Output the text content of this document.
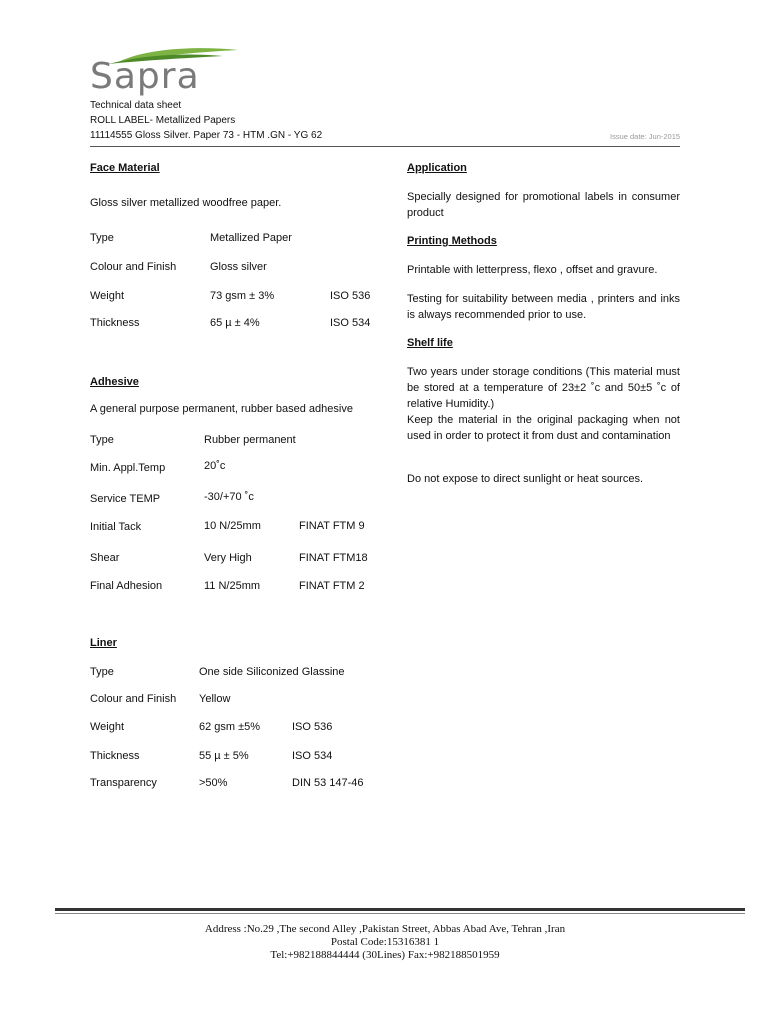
Sapra
Technical data sheet
ROLL LABEL- Metallized Papers
11114555 Gloss Silver. Paper 73 - HTM .GN - YG 62	Issue date: Jun-2015
Face Material
Gloss silver metallized woodfree paper.
Type	Metallized Paper
Colour and Finish	Gloss silver
Weight	73 gsm ± 3%	ISO 536
Thickness	65 µ ± 4%	ISO 534
Adhesive
A general purpose permanent, rubber based adhesive
Type	Rubber permanent
Min. Appl.Temp	20˚c
Service TEMP	-30/+70 ˚c
Initial Tack	10 N/25mm	FINAT FTM 9
Shear	Very High	FINAT FTM18
Final Adhesion	11 N/25mm	FINAT FTM 2
Liner
Type	One side Siliconized Glassine
Colour and Finish Yellow
Weight	62 gsm ±5%	ISO 536
Thickness	55 µ ± 5%	ISO 534
Transparency	>50%	DIN 53 147-46
Application
Specially designed for promotional labels in consumer product
Printing Methods
Printable with letterpress, flexo , offset and gravure.
Testing for suitability between media , printers and inks is always recommended prior to use.
Shelf life
Two years under storage conditions (This material must be stored at a temperature of 23±2 ˚c and 50±5 ˚c of relative Humidity.)
Keep the material in the original packaging when not used in order to protect it from dust and contamination
Do not expose to direct sunlight or heat sources.
Address :No.29 ,The second Alley ,Pakistan Street, Abbas Abad Ave, Tehran ,Iran
Postal Code:15316381 1
Tel:+982188844444 (30Lines) Fax:+982188501959
